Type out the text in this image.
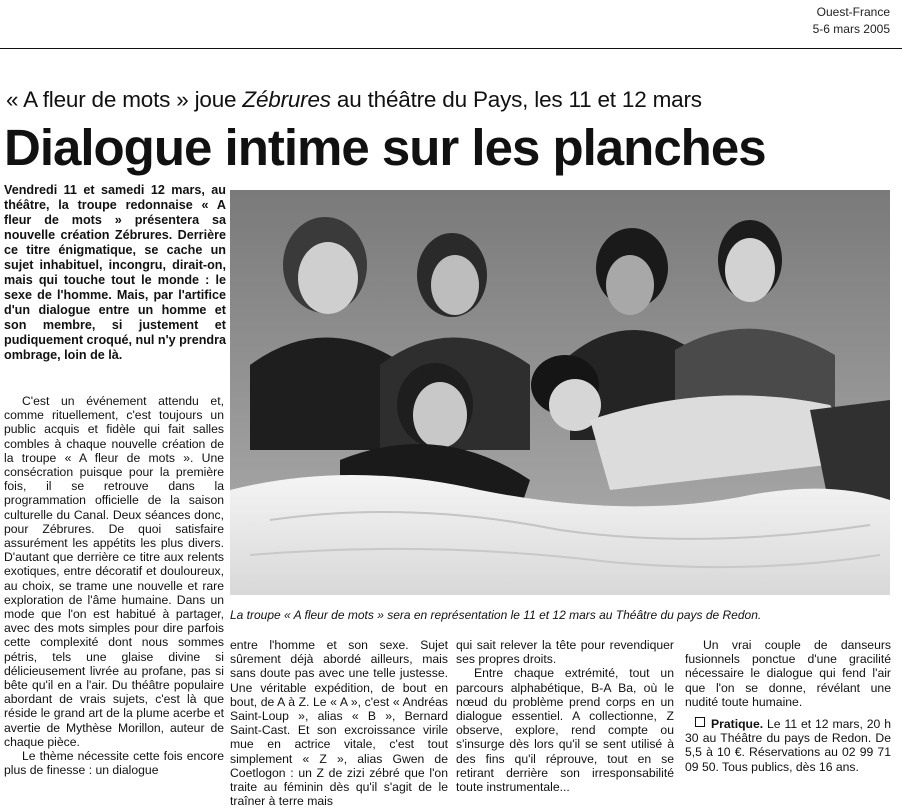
Ouest-France
5-6 mars 2005
« A fleur de mots » joue Zébrures au théâtre du Pays, les 11 et 12 mars
Dialogue intime sur les planches
Vendredi 11 et samedi 12 mars, au théâtre, la troupe redonnaise « A fleur de mots » présentera sa nouvelle création Zébrures. Derrière ce titre énigmatique, se cache un sujet inhabituel, incongru, dirait-on, mais qui touche tout le monde : le sexe de l'homme. Mais, par l'artifice d'un dialogue entre un homme et son membre, si justement et pudiquement croqué, nul n'y prendra ombrage, loin de là.
La troupe « A fleur de mots » sera en représentation le 11 et 12 mars au Théâtre du pays de Redon.

C'est un événement attendu et, comme rituellement, c'est toujours un public acquis et fidèle qui fait salles combles à chaque nouvelle création de la troupe « A fleur de mots ». Une consécration puisque pour la première fois, il se retrouve dans la programmation officielle de la saison culturelle du Canal. Deux séances donc, pour Zébrures. De quoi satisfaire assurément les appétits les plus divers. D'autant que derrière ce titre aux relents exotiques, entre décoratif et douloureux, au choix, se trame une nouvelle et rare exploration de l'âme humaine. Dans un mode que l'on est habitué à partager, avec des mots simples pour dire parfois cette complexité dont nous sommes pétris, tels une glaise divine si délicieusement livrée au profane, pas si bête qu'il en a l'air. Du théâtre populaire abordant de vrais sujets, c'est là que réside le grand art de la plume acerbe et avertie de Mythèse Morillon, auteur de chaque pièce.

Le thème nécessite cette fois encore plus de finesse : un dialogue

entre l'homme et son sexe. Sujet sûrement déjà abordé ailleurs, mais sans doute pas avec une telle justesse. Une véritable expédition, de bout en bout, de A à Z. Le « A », c'est « Andréas Saint-Loup », alias « B », Bernard Saint-Cast. Et son excroissance virile mue en actrice vitale, c'est tout simplement « Z », alias Gwen de Coetlogon : un Z de zizi zébré que l'on traite au féminin dès qu'il s'agit de le traîner à terre mais

qui sait relever la tête pour revendiquer ses propres droits.

Entre chaque extrémité, tout un parcours alphabétique, B-A Ba, où le nœud du problème prend corps en un dialogue essentiel. A collectionne, Z observe, explore, rend compte ou s'insurge dès lors qu'il se sent utilisé à des fins qu'il réprouve, tout en se retirant derrière son irresponsabilité toute instrumentale...

Un vrai couple de danseurs fusionnels ponctue d'une gracilité nécessaire le dialogue qui fend l'air que l'on se donne, révélant une nudité toute humaine.

Pratique. Le 11 et 12 mars, 20 h 30 au Théâtre du pays de Redon. De 5,5 à 10 €. Réservations au 02 99 71 09 50. Tous publics, dès 16 ans.
